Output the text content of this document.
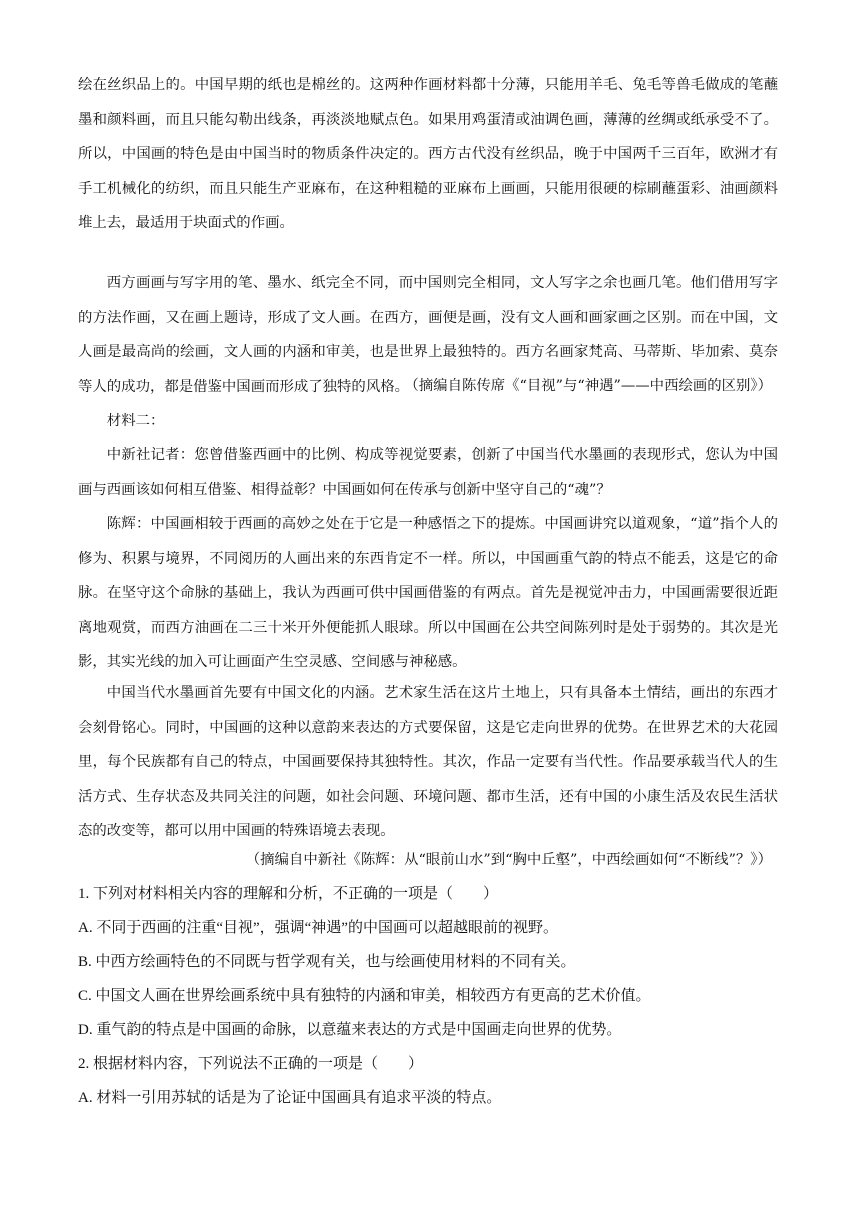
绘在丝织品上的。中国早期的纸也是棉丝的。这两种作画材料都十分薄，只能用羊毛、兔毛等兽毛做成的笔蘸墨和颜料画，而且只能勾勒出线条，再淡淡地赋点色。如果用鸡蛋清或油调色画，薄薄的丝绸或纸承受不了。所以，中国画的特色是由中国当时的物质条件决定的。西方古代没有丝织品，晚于中国两千三百年，欧洲才有手工机械化的纺织，而且只能生产亚麻布，在这种粗糙的亚麻布上画画，只能用很硬的棕刷蘸蛋彩、油画颜料堆上去，最适用于块面式的作画。

西方画画与写字用的笔、墨水、纸完全不同，而中国则完全相同，文人写字之余也画几笔。他们借用写字的方法作画，又在画上题诗，形成了文人画。在西方，画便是画，没有文人画和画家画之区别。而在中国，文人画是最高尚的绘画，文人画的内涵和审美，也是世界上最独特的。西方名画家梵高、马蒂斯、毕加索、莫奈等人的成功，都是借鉴中国画而形成了独特的风格。

（摘编自陈传席《“目视”与“神遇”——中西绘画的区别》）

材料二：

中新社记者：您曾借鉴西画中的比例、构成等视觉要素，创新了中国当代水墨画的表现形式，您认为中国画与西画该如何相互借鉴、相得益彰？中国画如何在传承与创新中坚守自己的“魂”？

陈辉：中国画相较于西画的高妙之处在于它是一种感悟之下的提炼。中国画讲究以道观象，“道”指个人的修为、积累与境界，不同阅历的人画出来的东西肯定不一样。所以，中国画重气韵的特点不能丢，这是它的命脉。在坚守这个命脉的基础上，我认为西画可供中国画借鉴的有两点。首先是视觉冲击力，中国画需要很近距离地观赏，而西方油画在二三十米开外便能抓人眼球。所以中国画在公共空间陈列时是处于弱势的。其次是光影，其实光线的加入可让画面产生空灵感、空间感与神秘感。

中国当代水墨画首先要有中国文化的内涵。艺术家生活在这片土地上，只有具备本土情结，画出的东西才会刻骨铭心。同时，中国画的这种以意韵来表达的方式要保留，这是它走向世界的优势。在世界艺术的大花园里，每个民族都有自己的特点，中国画要保持其独特性。其次，作品一定要有当代性。作品要承载当代人的生活方式、生存状态及共同关注的问题，如社会问题、环境问题、都市生活，还有中国的小康生活及农民生活状态的改变等，都可以用中国画的特殊语境去表现。

（摘编自中新社《陈辉：从“眼前山水”到“胸中丘壑”，中西绘画如何“不断线”？》）

1. 下列对材料相关内容的理解和分析，不正确的一项是（　　）

A. 不同于西画的注重“目视”，强调“神遇”的中国画可以超越眼前的视野。

B. 中西方绘画特色的不同既与哲学观有关，也与绘画使用材料的不同有关。

C. 中国文人画在世界绘画系统中具有独特的内涵和审美，相较西方有更高的艺术价值。

D. 重气韵的特点是中国画的命脉，以意蕴来表达的方式是中国画走向世界的优势。

2. 根据材料内容，下列说法不正确的一项是（　　）

A. 材料一引用苏轼的话是为了论证中国画具有追求平淡的特点。
